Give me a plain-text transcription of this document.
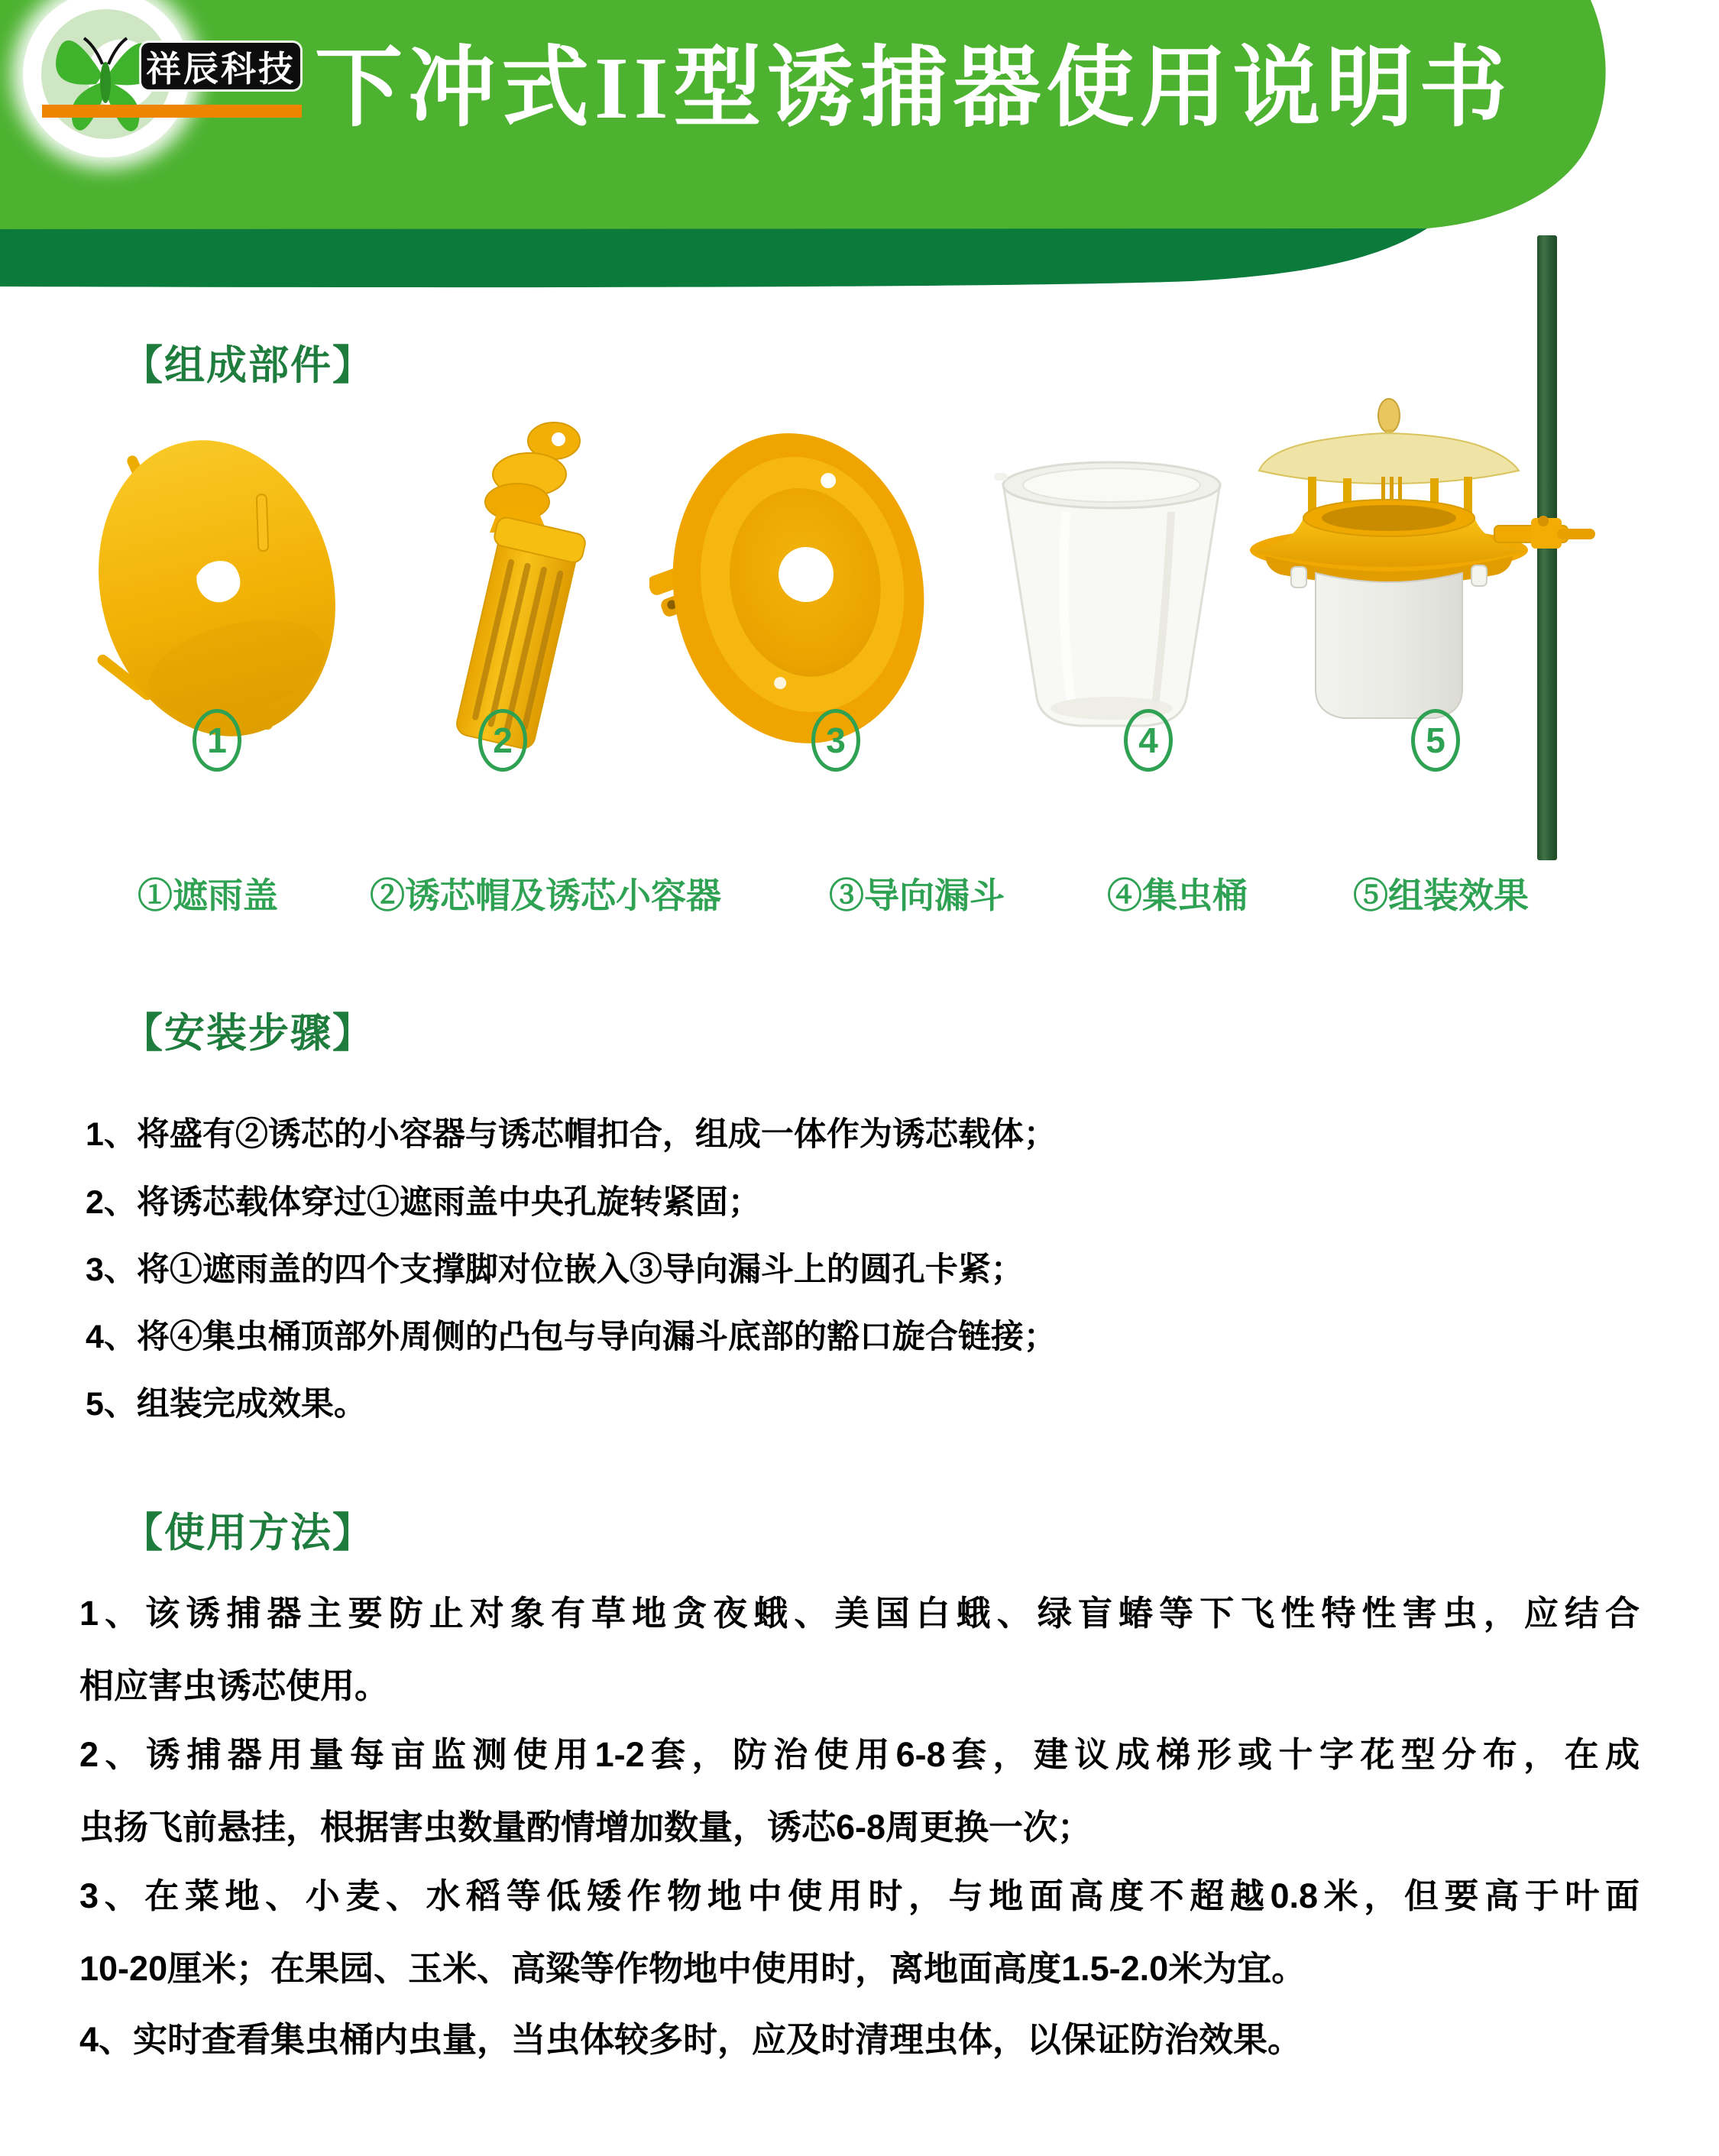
祥辰科技 下冲式II型诱捕器使用说明书
【组成部件】
1	2	3	4	5

①遮雨盖	②诱芯帽及诱芯小容器	③导向漏斗	④集虫桶	⑤组装效果

【安装步骤】

1、将盛有②诱芯的小容器与诱芯帽扣合，组成一体作为诱芯载体；

2、将诱芯载体穿过①遮雨盖中央孔旋转紧固；

3、将①遮雨盖的四个支撑脚对位嵌入③导向漏斗上的圆孔卡紧；

4、将④集虫桶顶部外周侧的凸包与导向漏斗底部的豁口旋合链接；

5、组装完成效果。

【使用方法】

1、该诱捕器主要防止对象有草地贪夜蛾、美国白蛾、绿盲蝽等下飞性特性害虫，应结合

相应害虫诱芯使用。

2、诱捕器用量每亩监测使用1-2套，防治使用6-8套，建议成梯形或十字花型分布，在成

虫扬飞前悬挂，根据害虫数量酌情增加数量，诱芯6-8周更换一次；

3、在菜地、小麦、水稻等低矮作物地中使用时，与地面高度不超越0.8米，但要高于叶面

10-20厘米；在果园、玉米、高粱等作物地中使用时，离地面高度1.5-2.0米为宜。

4、实时查看集虫桶内虫量，当虫体较多时，应及时清理虫体，以保证防治效果。
